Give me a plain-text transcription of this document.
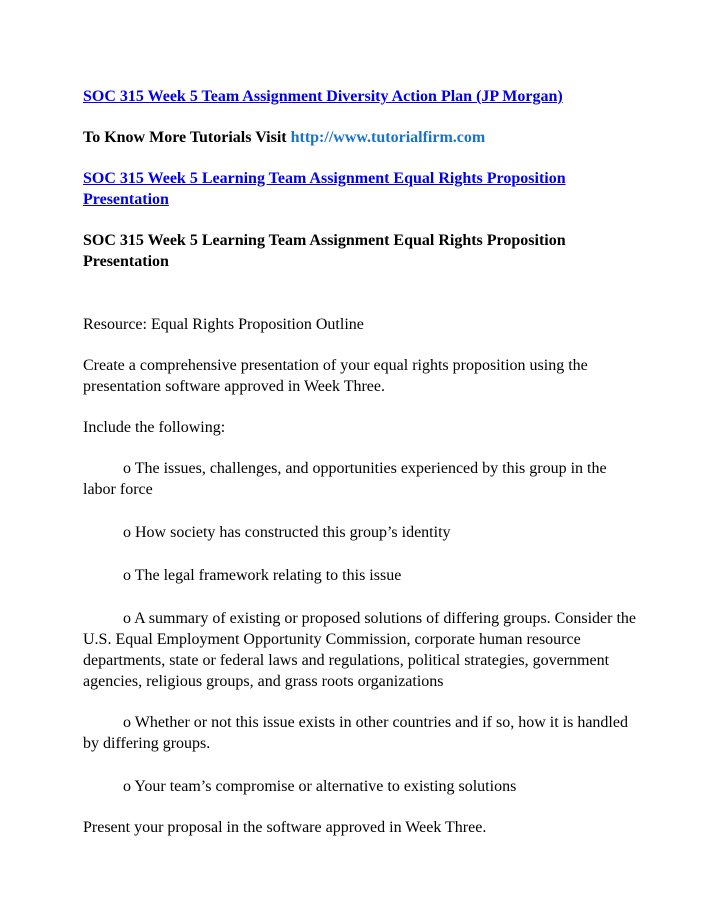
SOC 315 Week 5 Team Assignment Diversity Action Plan (JP Morgan)

To Know More Tutorials Visit http://www.tutorialfirm.com

SOC 315 Week 5 Learning Team Assignment Equal Rights Proposition Presentation

SOC 315 Week 5 Learning Team Assignment Equal Rights Proposition Presentation

Resource: Equal Rights Proposition Outline

Create a comprehensive presentation of your equal rights proposition using the presentation software approved in Week Three.

Include the following:

o The issues, challenges, and opportunities experienced by this group in the labor force

o How society has constructed this group’s identity

o The legal framework relating to this issue

o A summary of existing or proposed solutions of differing groups. Consider the U.S. Equal Employment Opportunity Commission, corporate human resource departments, state or federal laws and regulations, political strategies, government agencies, religious groups, and grass roots organizations

o Whether or not this issue exists in other countries and if so, how it is handled by differing groups.

o Your team’s compromise or alternative to existing solutions

Present your proposal in the software approved in Week Three.
